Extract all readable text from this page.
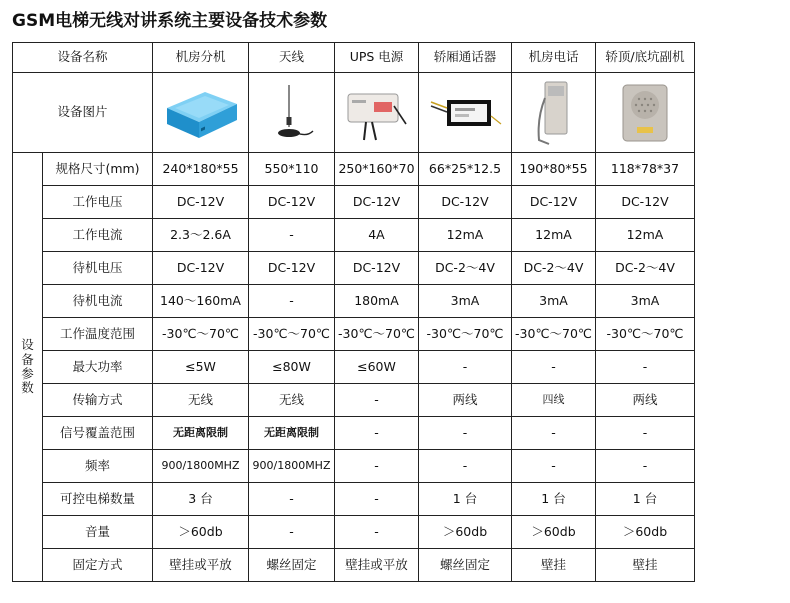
GSM电梯无线对讲系统主要设备技术参数
设备名称		机房分机	天线	UPS 电源	轿厢通话器	机房电话	轿顶/底坑副机
设备图片	

设
备
参
数	规格尺寸(mm)	240*180*55	550*110	250*160*70	66*25*12.5	190*80*55	118*78*37
	工作电压	DC-12V	DC-12V	DC-12V	DC-12V	DC-12V	DC-12V
	工作电流	2.3～2.6A	-	4A	12mA	12mA	12mA
	待机电压	DC-12V	DC-12V	DC-12V	DC-2～4V	DC-2～4V	DC-2～4V
	待机电流	140～160mA	-	180mA	3mA	3mA	3mA
	工作温度范围	-30℃～70℃	-30℃～70℃	-30℃～70℃	-30℃～70℃	-30℃～70℃	-30℃～70℃
	最大功率	≤5W	≤80W	≤60W	-	-	-
	传输方式	无线	无线	-	两线	四线	两线
	信号覆盖范围	无距离限制	无距离限制	-	-	-	-
	频率	900/1800MHZ	900/1800MHZ	-	-	-	-
	可控电梯数量	3 台	-	-	1 台	1 台	1 台
	音量	＞60db	-	-	＞60db	＞60db	＞60db
	固定方式	壁挂或平放	螺丝固定	壁挂或平放	螺丝固定	壁挂	壁挂
